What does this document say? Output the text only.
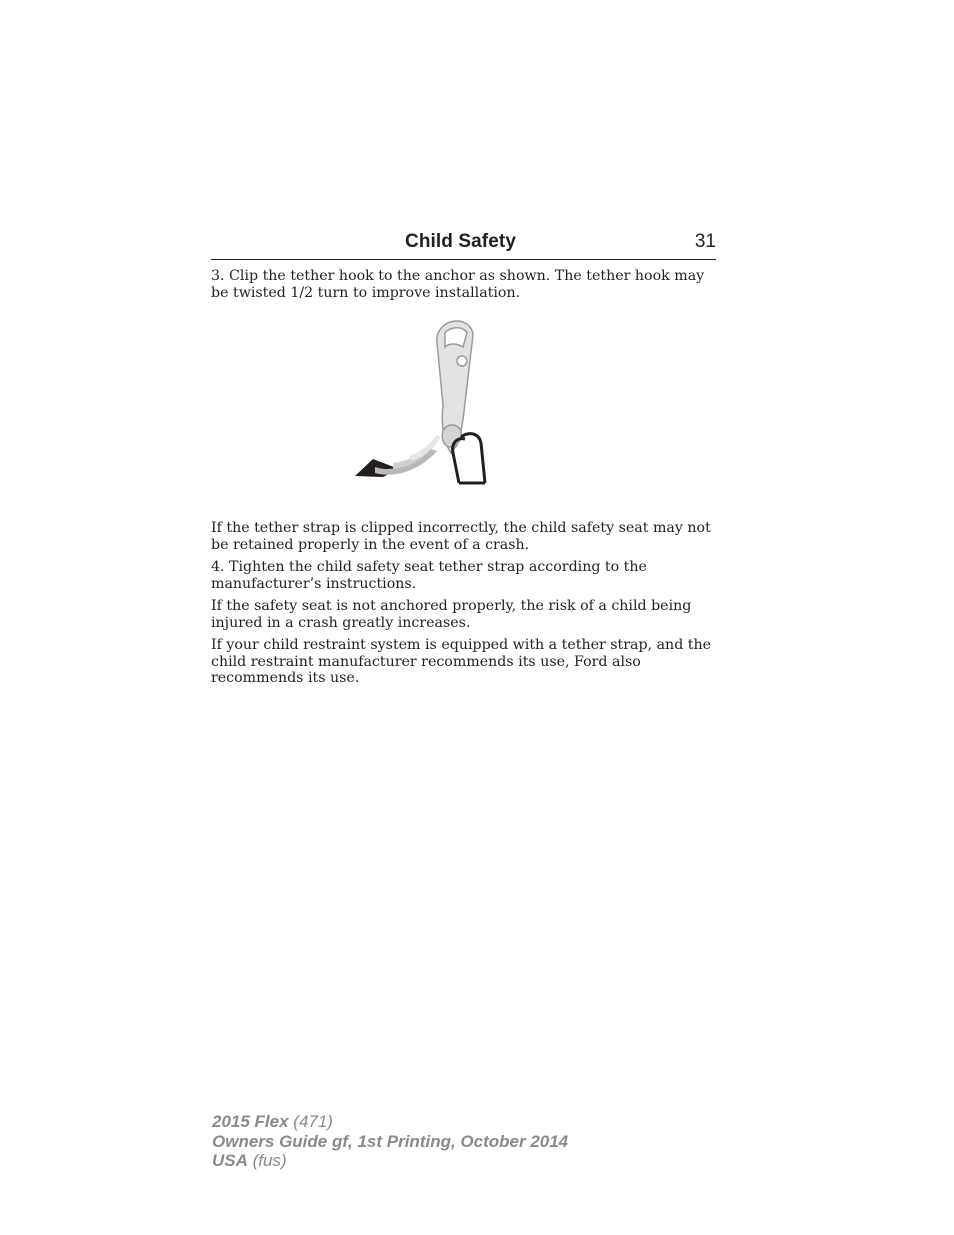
Child Safety	31

3. Clip the tether hook to the anchor as shown. The tether hook may be twisted 1/2 turn to improve installation.

If the tether strap is clipped incorrectly, the child safety seat may not be retained properly in the event of a crash.

4. Tighten the child safety seat tether strap according to the manufacturer’s instructions.

If the safety seat is not anchored properly, the risk of a child being injured in a crash greatly increases.

If your child restraint system is equipped with a tether strap, and the child restraint manufacturer recommends its use, Ford also recommends its use.

2015 Flex (471)
Owners Guide gf, 1st Printing, October 2014
USA (fus)
